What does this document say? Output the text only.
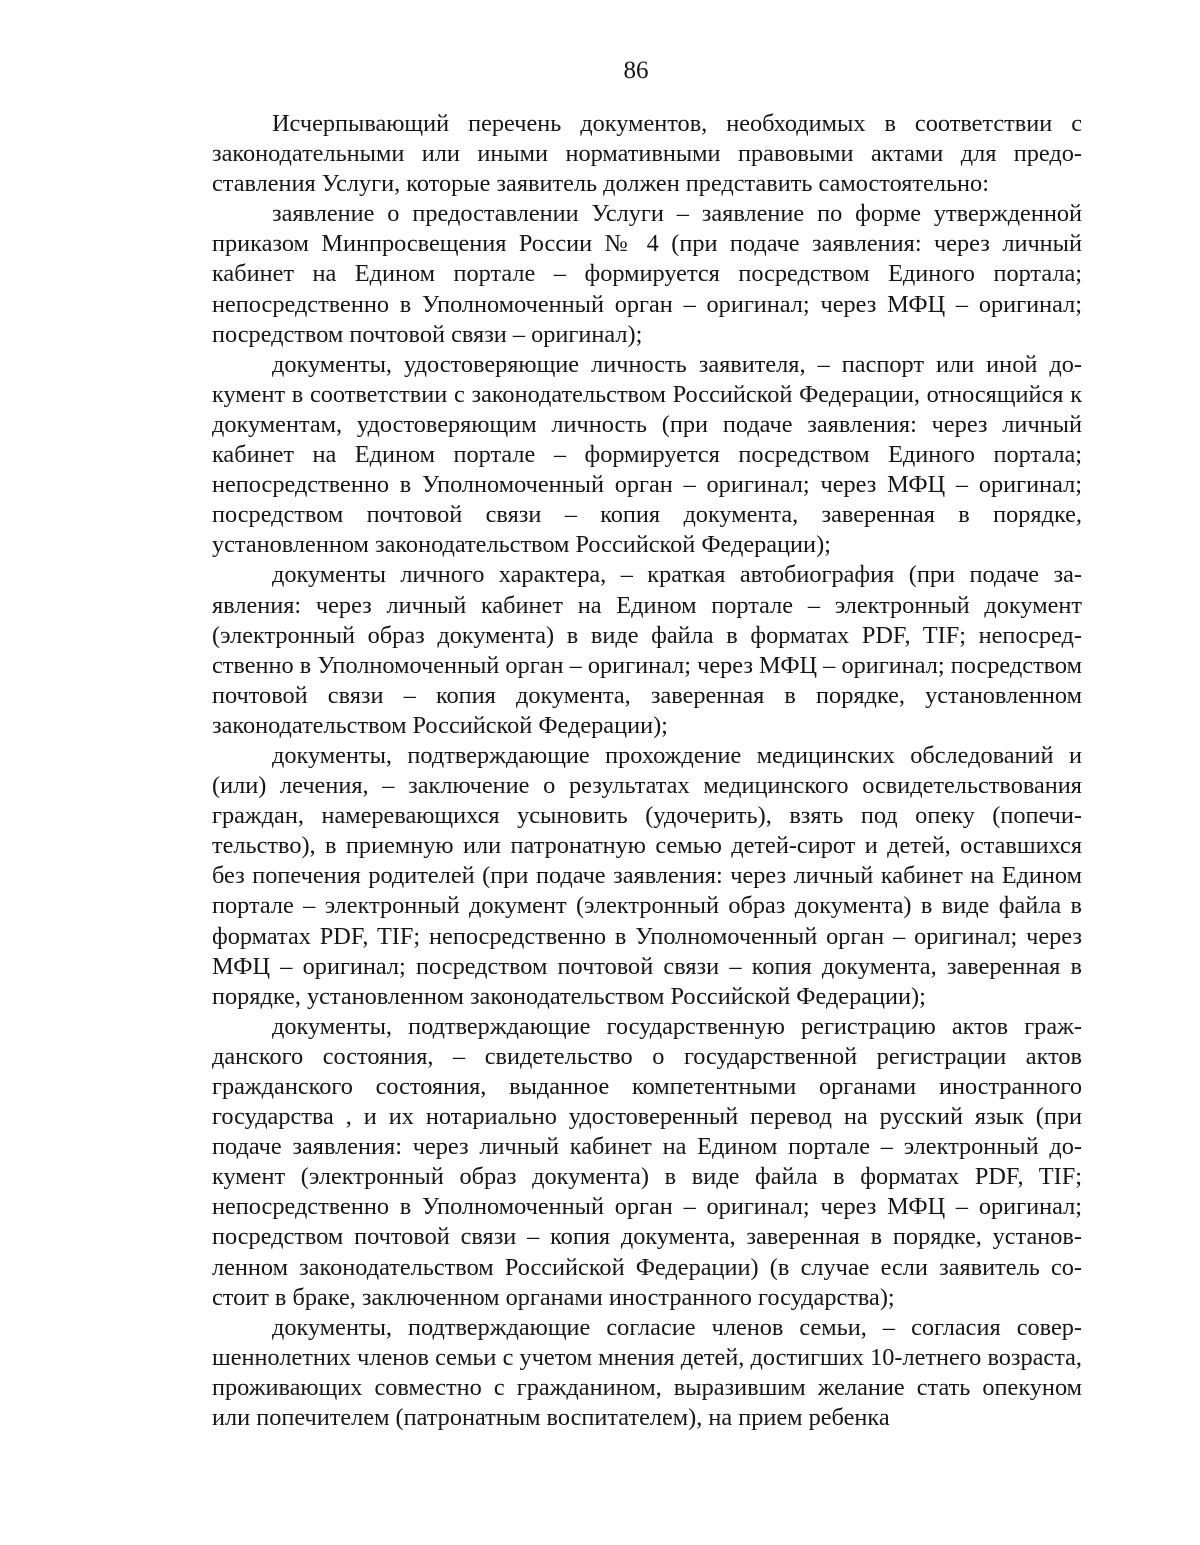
86

Исчерпывающий перечень документов, необходимых в соответствии с законодательными или иными нормативными правовыми актами для предоставления Услуги, которые заявитель должен представить самостоятельно:

заявление о предоставлении Услуги – заявление по форме утвержденной приказом Минпросвещения России № 4 (при подаче заявления: через личный кабинет на Едином портале – формируется посредством Единого портала; непосредственно в Уполномоченный орган – оригинал; через МФЦ – оригинал; посредством почтовой связи – оригинал);

документы, удостоверяющие личность заявителя, – паспорт или иной документ в соответствии с законодательством Российской Федерации, относящийся к документам, удостоверяющим личность (при подаче заявления: через личный кабинет на Едином портале – формируется посредством Единого портала; непосредственно в Уполномоченный орган – оригинал; через МФЦ – оригинал; посредством почтовой связи – копия документа, заверенная в порядке, установленном законодательством Российской Федерации);

документы личного характера, – краткая автобиография (при подаче заявления: через личный кабинет на Едином портале – электронный документ (электронный образ документа) в виде файла в форматах PDF, TIF; непосредственно в Уполномоченный орган – оригинал; через МФЦ – оригинал; посредством почтовой связи – копия документа, заверенная в порядке, установленном законодательством Российской Федерации);

документы, подтверждающие прохождение медицинских обследований и (или) лечения, – заключение о результатах медицинского освидетельствования граждан, намеревающихся усыновить (удочерить), взять под опеку (попечительство), в приемную или патронатную семью детей-сирот и детей, оставшихся без попечения родителей (при подаче заявления: через личный кабинет на Едином портале – электронный документ (электронный образ документа) в виде файла в форматах PDF, TIF; непосредственно в Уполномоченный орган – оригинал; через МФЦ – оригинал; посредством почтовой связи – копия документа, заверенная в порядке, установленном законодательством Российской Федерации);

документы, подтверждающие государственную регистрацию актов гражданского состояния, – свидетельство о государственной регистрации актов гражданского состояния, выданное компетентными органами иностранного государства , и их нотариально удостоверенный перевод на русский язык (при подаче заявления: через личный кабинет на Едином портале – электронный документ (электронный образ документа) в виде файла в форматах PDF, TIF; непосредственно в Уполномоченный орган – оригинал; через МФЦ – оригинал; посредством почтовой связи – копия документа, заверенная в порядке, установленном законодательством Российской Федерации) (в случае если заявитель состоит в браке, заключенном органами иностранного государства);

документы, подтверждающие согласие членов семьи, – согласия совершеннолетних членов семьи с учетом мнения детей, достигших 10-летнего возраста, проживающих совместно с гражданином, выразившим желание стать опекуном или попечителем (патронатным воспитателем), на прием ребенка
